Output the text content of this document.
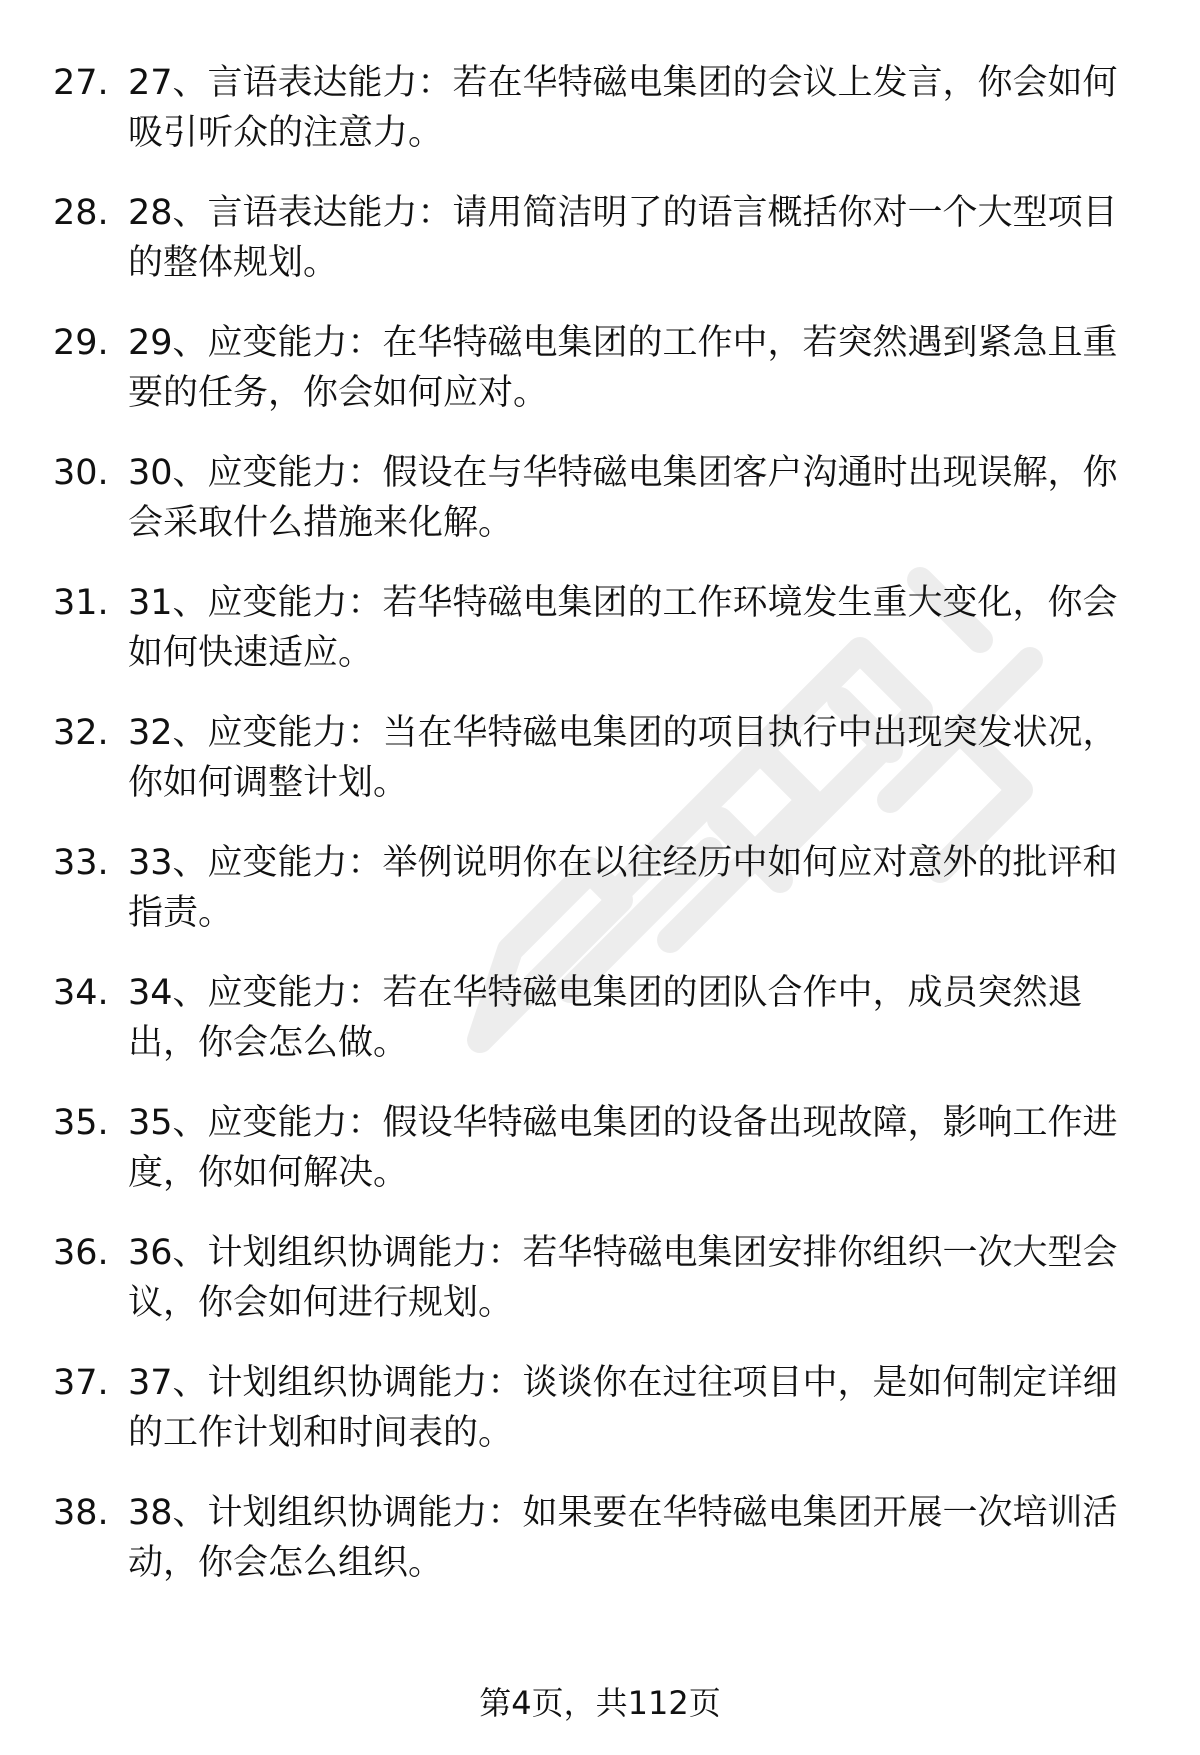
27. 27、言语表达能力：若在华特磁电集团的会议上发言，你会如何吸引听众的注意力。
28. 28、言语表达能力：请用简洁明了的语言概括你对一个大型项目的整体规划。
29. 29、应变能力：在华特磁电集团的工作中，若突然遇到紧急且重要的任务，你会如何应对。
30. 30、应变能力：假设在与华特磁电集团客户沟通时出现误解，你会采取什么措施来化解。
31. 31、应变能力：若华特磁电集团的工作环境发生重大变化，你会如何快速适应。
32. 32、应变能力：当在华特磁电集团的项目执行中出现突发状况，你如何调整计划。
33. 33、应变能力：举例说明你在以往经历中如何应对意外的批评和指责。
34. 34、应变能力：若在华特磁电集团的团队合作中，成员突然退出，你会怎么做。
35. 35、应变能力：假设华特磁电集团的设备出现故障，影响工作进度，你如何解决。
36. 36、计划组织协调能力：若华特磁电集团安排你组织一次大型会议，你会如何进行规划。
37. 37、计划组织协调能力：谈谈你在过往项目中，是如何制定详细的工作计划和时间表的。
38. 38、计划组织协调能力：如果要在华特磁电集团开展一次培训活动，你会怎么组织。
第4页，共112页
